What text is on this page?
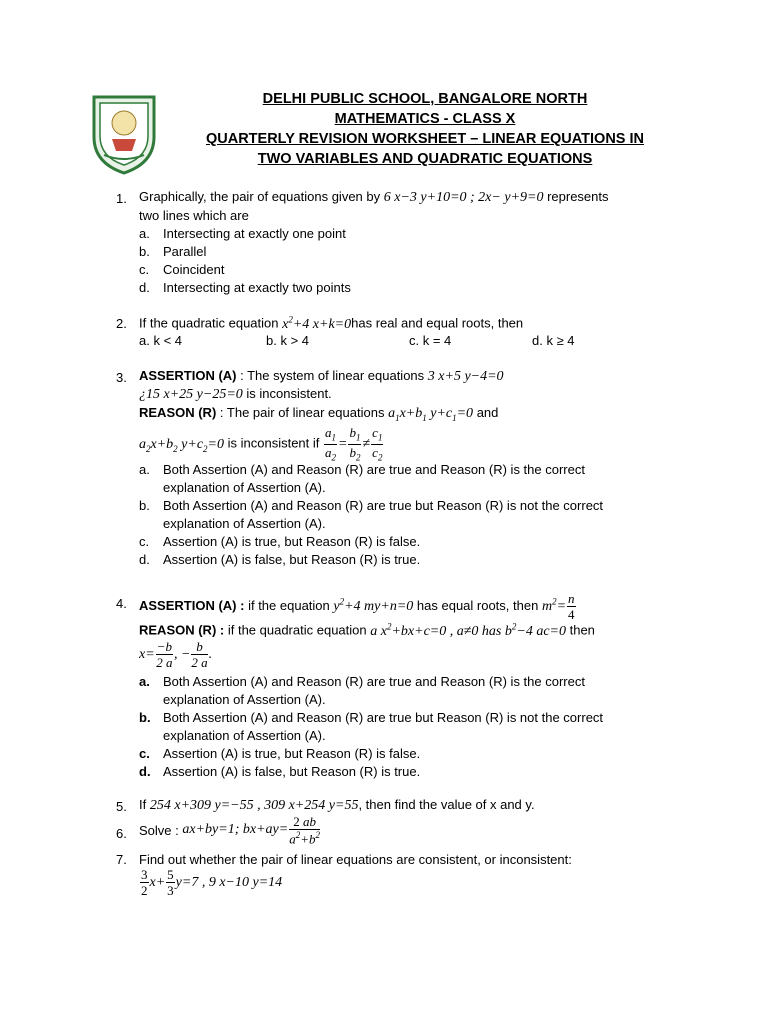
DELHI PUBLIC SCHOOL, BANGALORE NORTH
MATHEMATICS - CLASS X
QUARTERLY REVISION WORKSHEET – LINEAR EQUATIONS IN
TWO VARIABLES AND QUADRATIC EQUATIONS
1. Graphically, the pair of equations given by 6 x−3 y+10=0 ; 2x− y+9=0 represents
two lines which are
a. Intersecting at exactly one point
b. Parallel
c. Coincident
d. Intersecting at exactly two points
2. If the quadratic equation $x^2+4$ x+k=0has real and equal roots, then
a. k < 4	b. k > 4	c. k = 4	d. k ≥ 4
3. ASSERTION (A) : The system of linear equations 3 x+5 y−4=0
¿15 x+25 y−25=0 is inconsistent.
REASON (R) : The pair of linear equations $a_1x+b_1$ $y+c_1=0$ and
$a_2x+b_2$ $y+c_2=0$ is inconsistent if $\frac{a_1}{a_2} = \frac{b_1}{b_2} \ne \frac{c_1}{c_2}$
a. Both Assertion (A) and Reason (R) are true and Reason (R) is the correct
explanation of Assertion (A).
b. Both Assertion (A) and Reason (R) are true but Reason (R) is not the correct
explanation of Assertion (A).
c. Assertion (A) is true, but Reason (R) is false.
d. Assertion (A) is false, but Reason (R) is true.
4. ASSERTION (A) : if the equation $y^2+4$ my+n=0 has equal roots, then $m^2= \frac{n}{4}$
REASON (R) : if the quadratic equation a $x^2+bx+c=0$ , a≠0 has $b^2-4$ ac=0 then
$x= \frac{-b}{2 a}$ , − $\frac{b}{2 a}$ .
a. Both Assertion (A) and Reason (R) are true and Reason (R) is the correct
explanation of Assertion (A).
b. Both Assertion (A) and Reason (R) are true but Reason (R) is not the correct
explanation of Assertion (A).
c. Assertion (A) is true, but Reason (R) is false.
d. Assertion (A) is false, but Reason (R) is true.
5. If 254 x+309 y=−55 , 309 x+254 y=55, then find the value of x and y.
6. Solve : ax+by=1; $bx+ay= \frac{2 ab}{a^2+b^2}$
7. Find out whether the pair of linear equations are consistent, or inconsistent:
$\frac{3}{2} x+ \frac{5}{3} y=7$ , 9 x−10 y=14
